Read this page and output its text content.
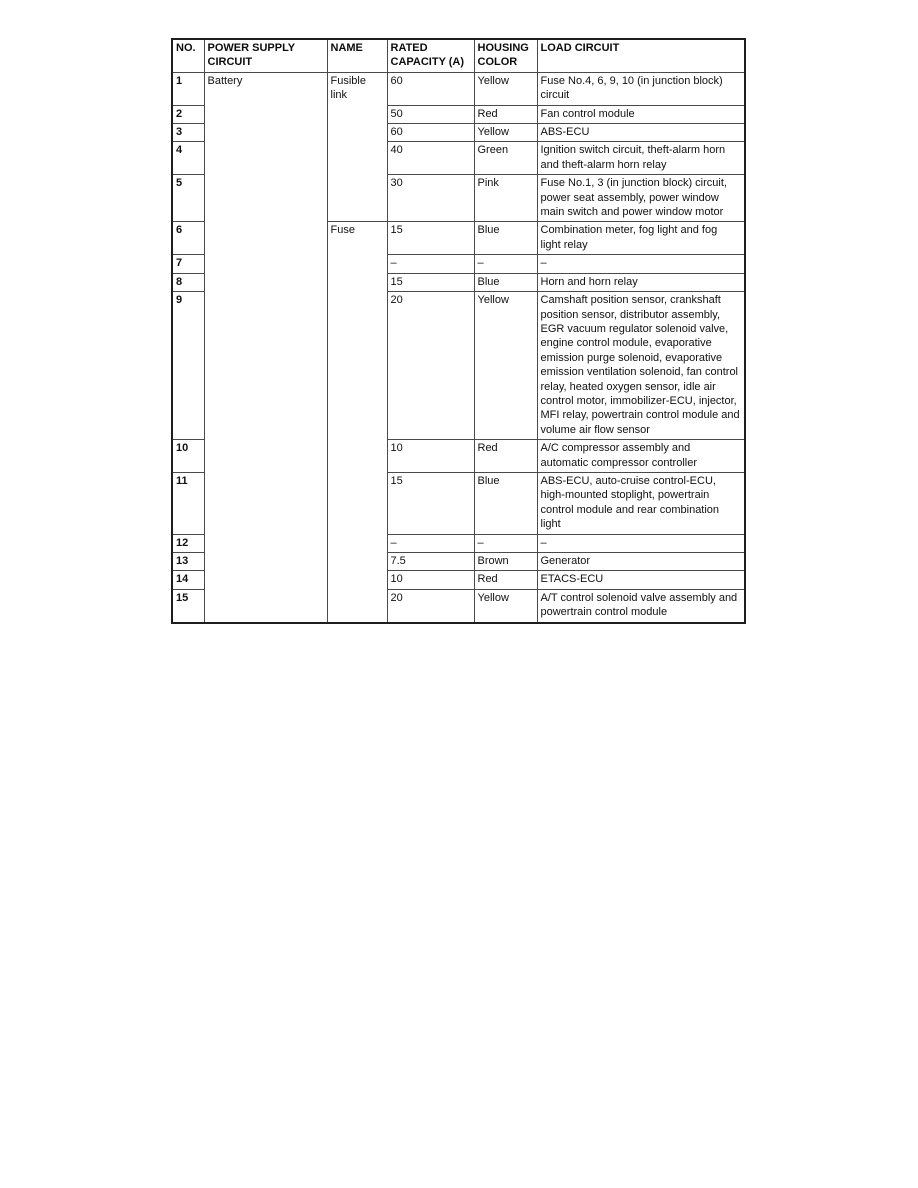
NO.	POWER SUPPLY CIRCUIT	NAME	RATED CAPACITY (A)	HOUSING COLOR	LOAD CIRCUIT
1	Battery	Fusible link	60	Yellow	Fuse No.4, 6, 9, 10 (in junction block) circuit
2			50	Red	Fan control module
3			60	Yellow	ABS-ECU
4			40	Green	Ignition switch circuit, theft-alarm horn and theft-alarm horn relay
5			30	Pink	Fuse No.1, 3 (in junction block) circuit, power seat assembly, power window main switch and power window motor
6		Fuse	15	Blue	Combination meter, fog light and fog light relay
7			–	–	–
8			15	Blue	Horn and horn relay
9			20	Yellow	Camshaft position sensor, crankshaft position sensor, distributor assembly, EGR vacuum regulator solenoid valve, engine control module, evaporative emission purge solenoid, evaporative emission ventilation solenoid, fan control relay, heated oxygen sensor, idle air control motor, immobilizer-ECU, injector, MFI relay, powertrain control module and volume air flow sensor
10			10	Red	A/C compressor assembly and automatic compressor controller
11			15	Blue	ABS-ECU, auto-cruise control-ECU, high-mounted stoplight, powertrain control module and rear combination light
12			–	–	–
13			7.5	Brown	Generator
14			10	Red	ETACS-ECU
15			20	Yellow	A/T control solenoid valve assembly and powertrain control module
